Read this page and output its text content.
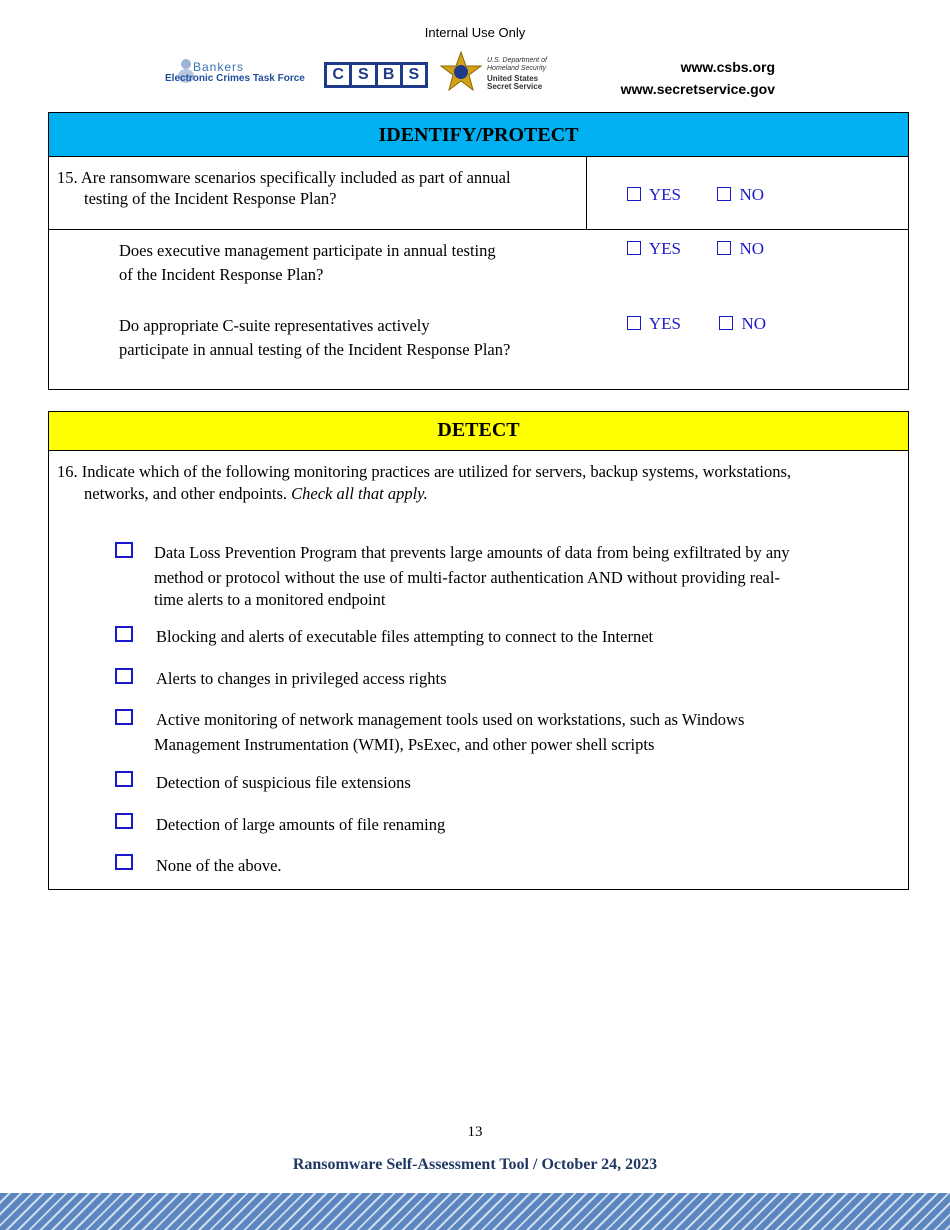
Internal Use Only
Bankers
Electronic Crimes Task Force	C S B S
U.S. Department of Homeland Security
United States Secret Service
www.csbs.org
www.secretservice.gov
IDENTIFY/PROTECT
15. Are ransomware scenarios specifically included as part of annual
testing of the Incident Response Plan?	YES	NO
Does executive management participate in annual testing
of the Incident Response Plan?
YES	NO
Do appropriate C-suite representatives actively
participate in annual testing of the Incident Response Plan?
YES	NO
DETECT
16. Indicate which of the following monitoring practices are utilized for servers, backup systems, workstations,
networks, and other endpoints. Check all that apply.
Data Loss Prevention Program that prevents large amounts of data from being exfiltrated by any
method or protocol without the use of multi-factor authentication AND without providing real-
time alerts to a monitored endpoint
Blocking and alerts of executable files attempting to connect to the Internet
Alerts to changes in privileged access rights
Active monitoring of network management tools used on workstations, such as Windows
Management Instrumentation (WMI), PsExec, and other power shell scripts
Detection of suspicious file extensions
Detection of large amounts of file renaming
None of the above.
13
Ransomware Self-Assessment Tool / October 24, 2023
